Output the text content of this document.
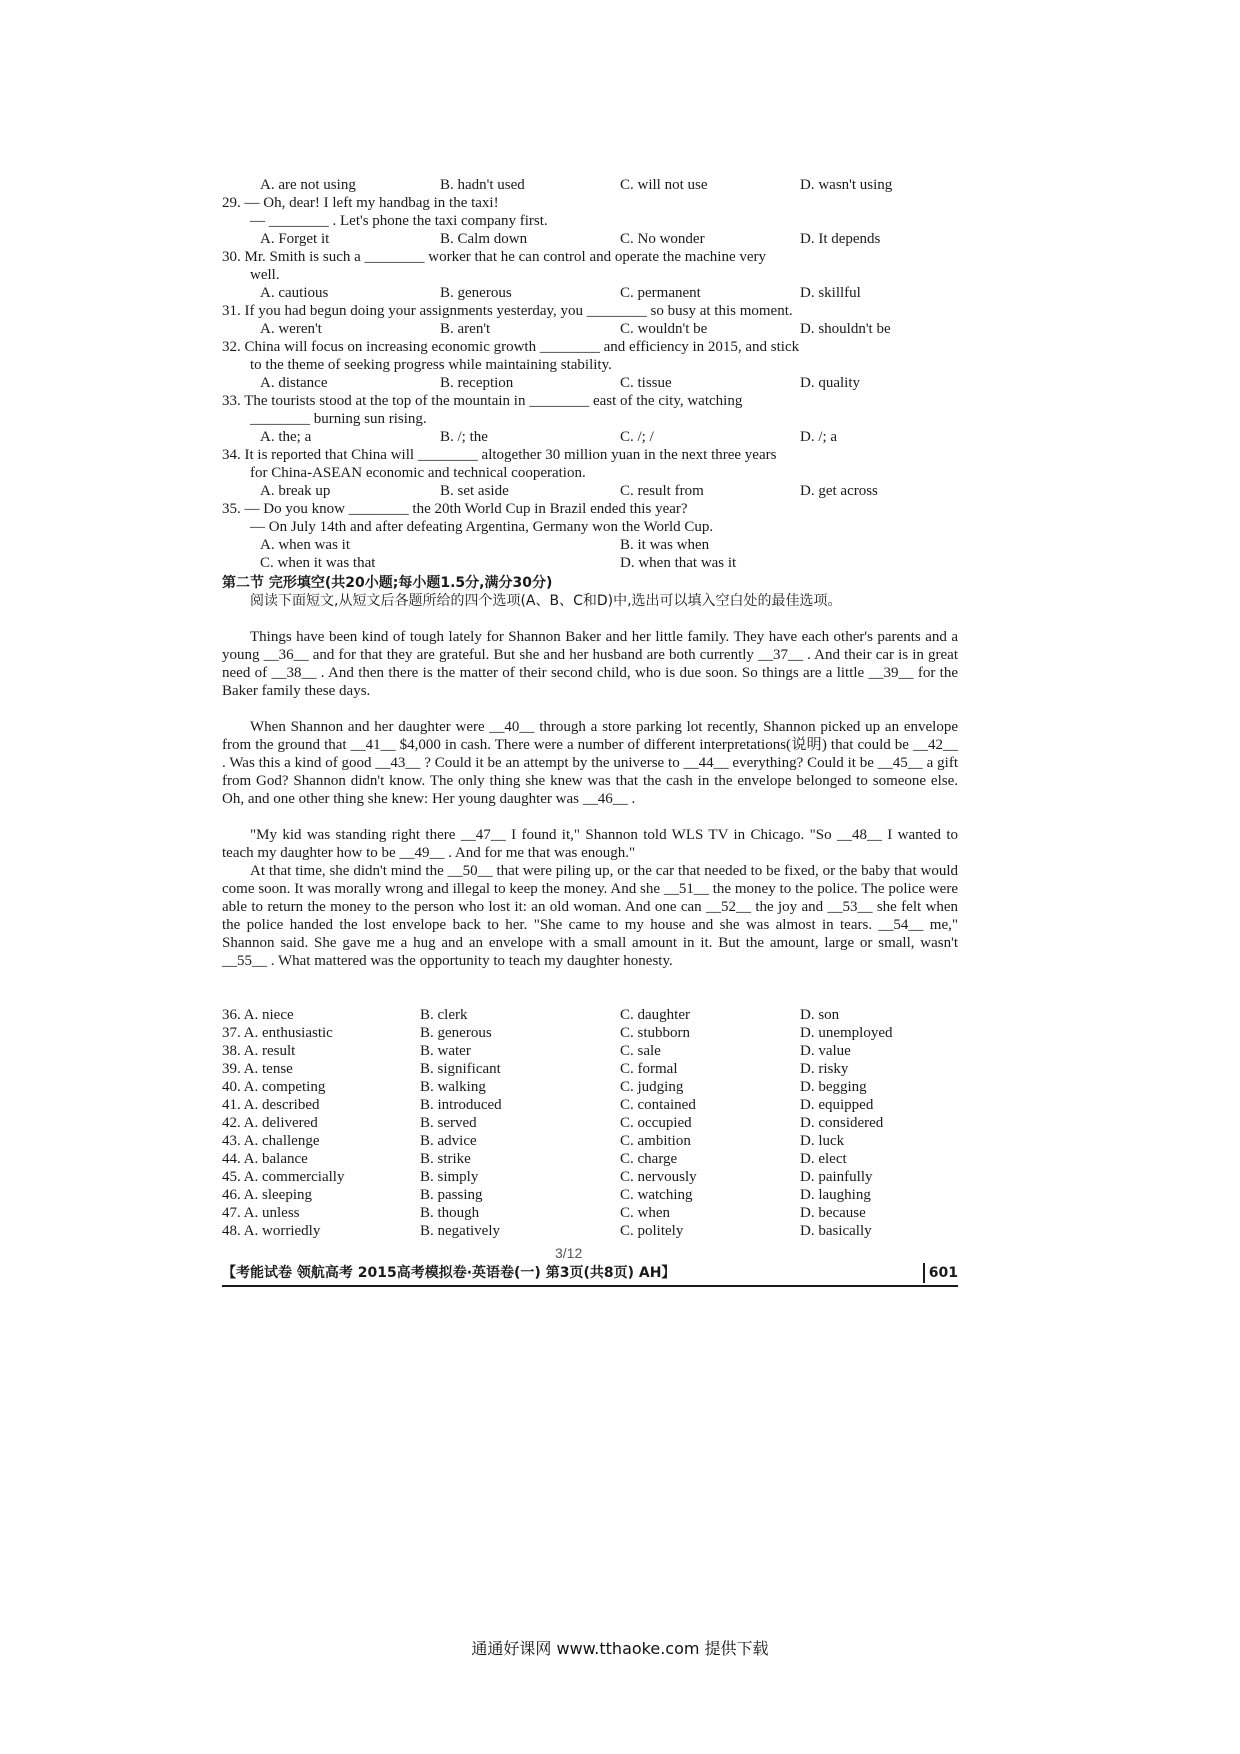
A. are not using	B. hadn't used	C. will not use	D. wasn't using
29. — Oh, dear! I left my handbag in the taxi!
— ________ . Let's phone the taxi company first.
A. Forget it	B. Calm down	C. No wonder	D. It depends
30. Mr. Smith is such a ________ worker that he can control and operate the machine very
well.
A. cautious	B. generous	C. permanent	D. skillful
31. If you had begun doing your assignments yesterday, you ________ so busy at this moment.
A. weren't	B. aren't	C. wouldn't be	D. shouldn't be
32. China will focus on increasing economic growth ________ and efficiency in 2015, and stick
to the theme of seeking progress while maintaining stability.
A. distance	B. reception	C. tissue	D. quality
33. The tourists stood at the top of the mountain in ________ east of the city, watching
________ burning sun rising.
A. the; a	B. /; the	C. /; /	D. /; a
34. It is reported that China will ________ altogether 30 million yuan in the next three years
for China-ASEAN economic and technical cooperation.
A. break up	B. set aside	C. result from	D. get across
35. — Do you know ________ the 20th World Cup in Brazil ended this year?
— On July 14th and after defeating Argentina, Germany won the World Cup.
A. when was it	B. it was when
C. when it was that	D. when that was it
第二节 完形填空(共20小题;每小题1.5分,满分30分)
阅读下面短文,从短文后各题所给的四个选项(A、B、C和D)中,选出可以填入空白处的最佳选项。
Things have been kind of tough lately for Shannon Baker and her little family. They have each other's parents and a young __36__ and for that they are grateful. But she and her husband are both currently __37__ . And their car is in great need of __38__ . And then there is the matter of their second child, who is due soon. So things are a little __39__ for the Baker family these days.
When Shannon and her daughter were __40__ through a store parking lot recently, Shannon picked up an envelope from the ground that __41__ $4,000 in cash. There were a number of different interpretations(说明) that could be __42__ . Was this a kind of good __43__ ? Could it be an attempt by the universe to __44__ everything? Could it be __45__ a gift from God? Shannon didn't know. The only thing she knew was that the cash in the envelope belonged to someone else. Oh, and one other thing she knew: Her young daughter was __46__ .
"My kid was standing right there __47__ I found it," Shannon told WLS TV in Chicago. "So __48__ I wanted to teach my daughter how to be __49__ . And for me that was enough."
At that time, she didn't mind the __50__ that were piling up, or the car that needed to be fixed, or the baby that would come soon. It was morally wrong and illegal to keep the money. And she __51__ the money to the police. The police were able to return the money to the person who lost it: an old woman. And one can __52__ the joy and __53__ she felt when the police handed the lost envelope back to her. "She came to my house and she was almost in tears. __54__ me," Shannon said. She gave me a hug and an envelope with a small amount in it. But the amount, large or small, wasn't __55__ . What mattered was the opportunity to teach my daughter honesty.
36. A. niece	B. clerk	C. daughter	D. son
37. A. enthusiastic	B. generous	C. stubborn	D. unemployed
38. A. result	B. water	C. sale	D. value
39. A. tense	B. significant	C. formal	D. risky
40. A. competing	B. walking	C. judging	D. begging
41. A. described	B. introduced	C. contained	D. equipped
42. A. delivered	B. served	C. occupied	D. considered
43. A. challenge	B. advice	C. ambition	D. luck
44. A. balance	B. strike	C. charge	D. elect
45. A. commercially	B. simply	C. nervously	D. painfully
46. A. sleeping	B. passing	C. watching	D. laughing
47. A. unless	B. though	C. when	D. because
48. A. worriedly	B. negatively	C. politely	D. basically
3/12
【考能试卷 领航高考 2015高考模拟卷·英语卷(一) 第3页(共8页) AH】	601
通通好课网 www.tthaoke.com 提供下载
